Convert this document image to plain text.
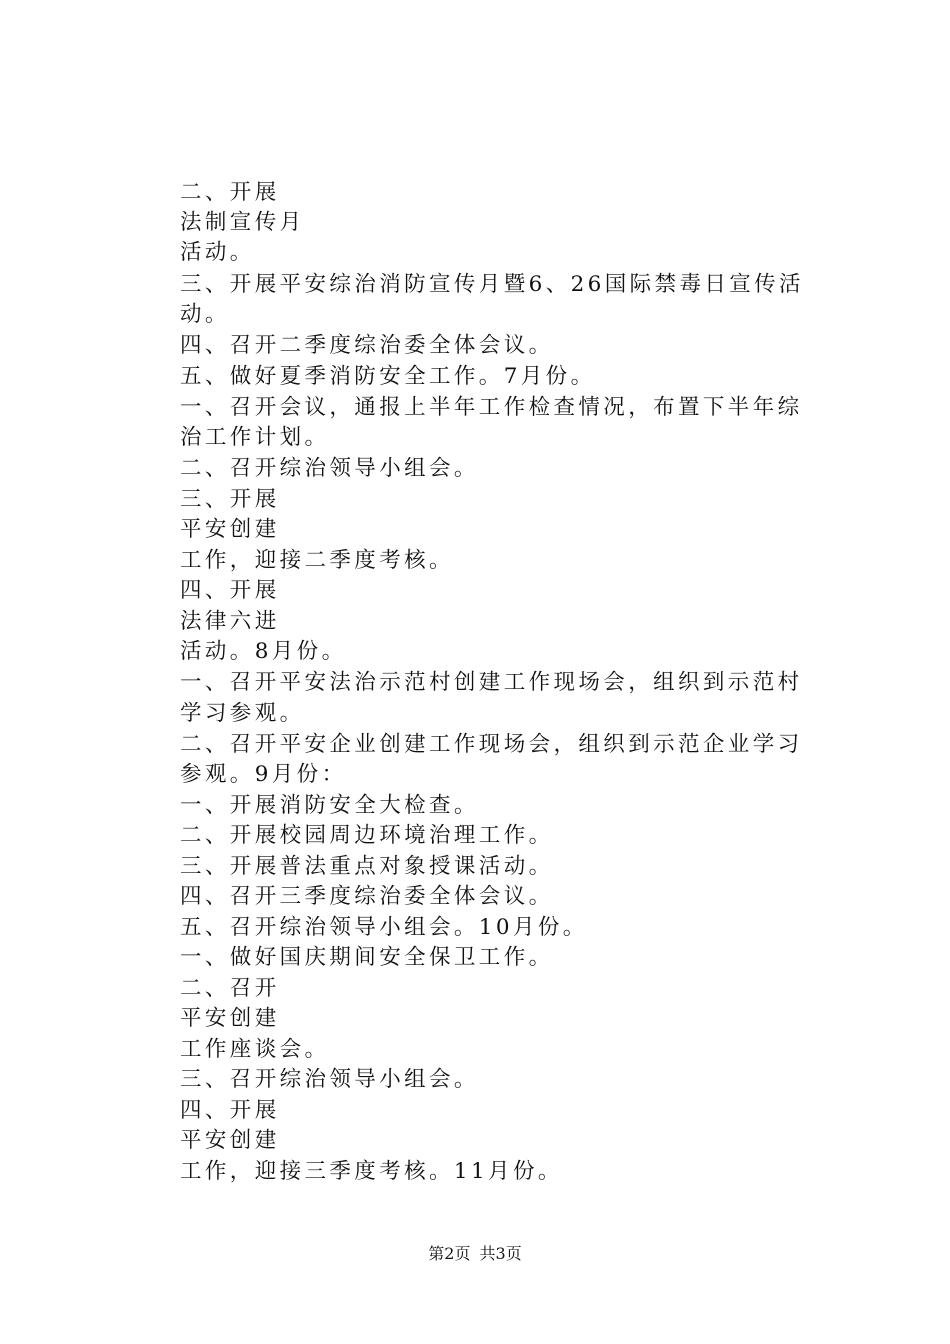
二、开展
法制宣传月
活动。
三、开展平安综治消防宣传月暨6、26国际禁毒日宣传活
动。
四、召开二季度综治委全体会议。
五、做好夏季消防安全工作。7月份。
一、召开会议，通报上半年工作检查情况，布置下半年综
治工作计划。
二、召开综治领导小组会。
三、开展
平安创建
工作，迎接二季度考核。
四、开展
法律六进
活动。8月份。
一、召开平安法治示范村创建工作现场会，组织到示范村
学习参观。
二、召开平安企业创建工作现场会，组织到示范企业学习
参观。9月份：
一、开展消防安全大检查。
二、开展校园周边环境治理工作。
三、开展普法重点对象授课活动。
四、召开三季度综治委全体会议。
五、召开综治领导小组会。10月份。
一、做好国庆期间安全保卫工作。
二、召开
平安创建
工作座谈会。
三、召开综治领导小组会。
四、开展
平安创建
工作，迎接三季度考核。11月份。
第2页 共3页
